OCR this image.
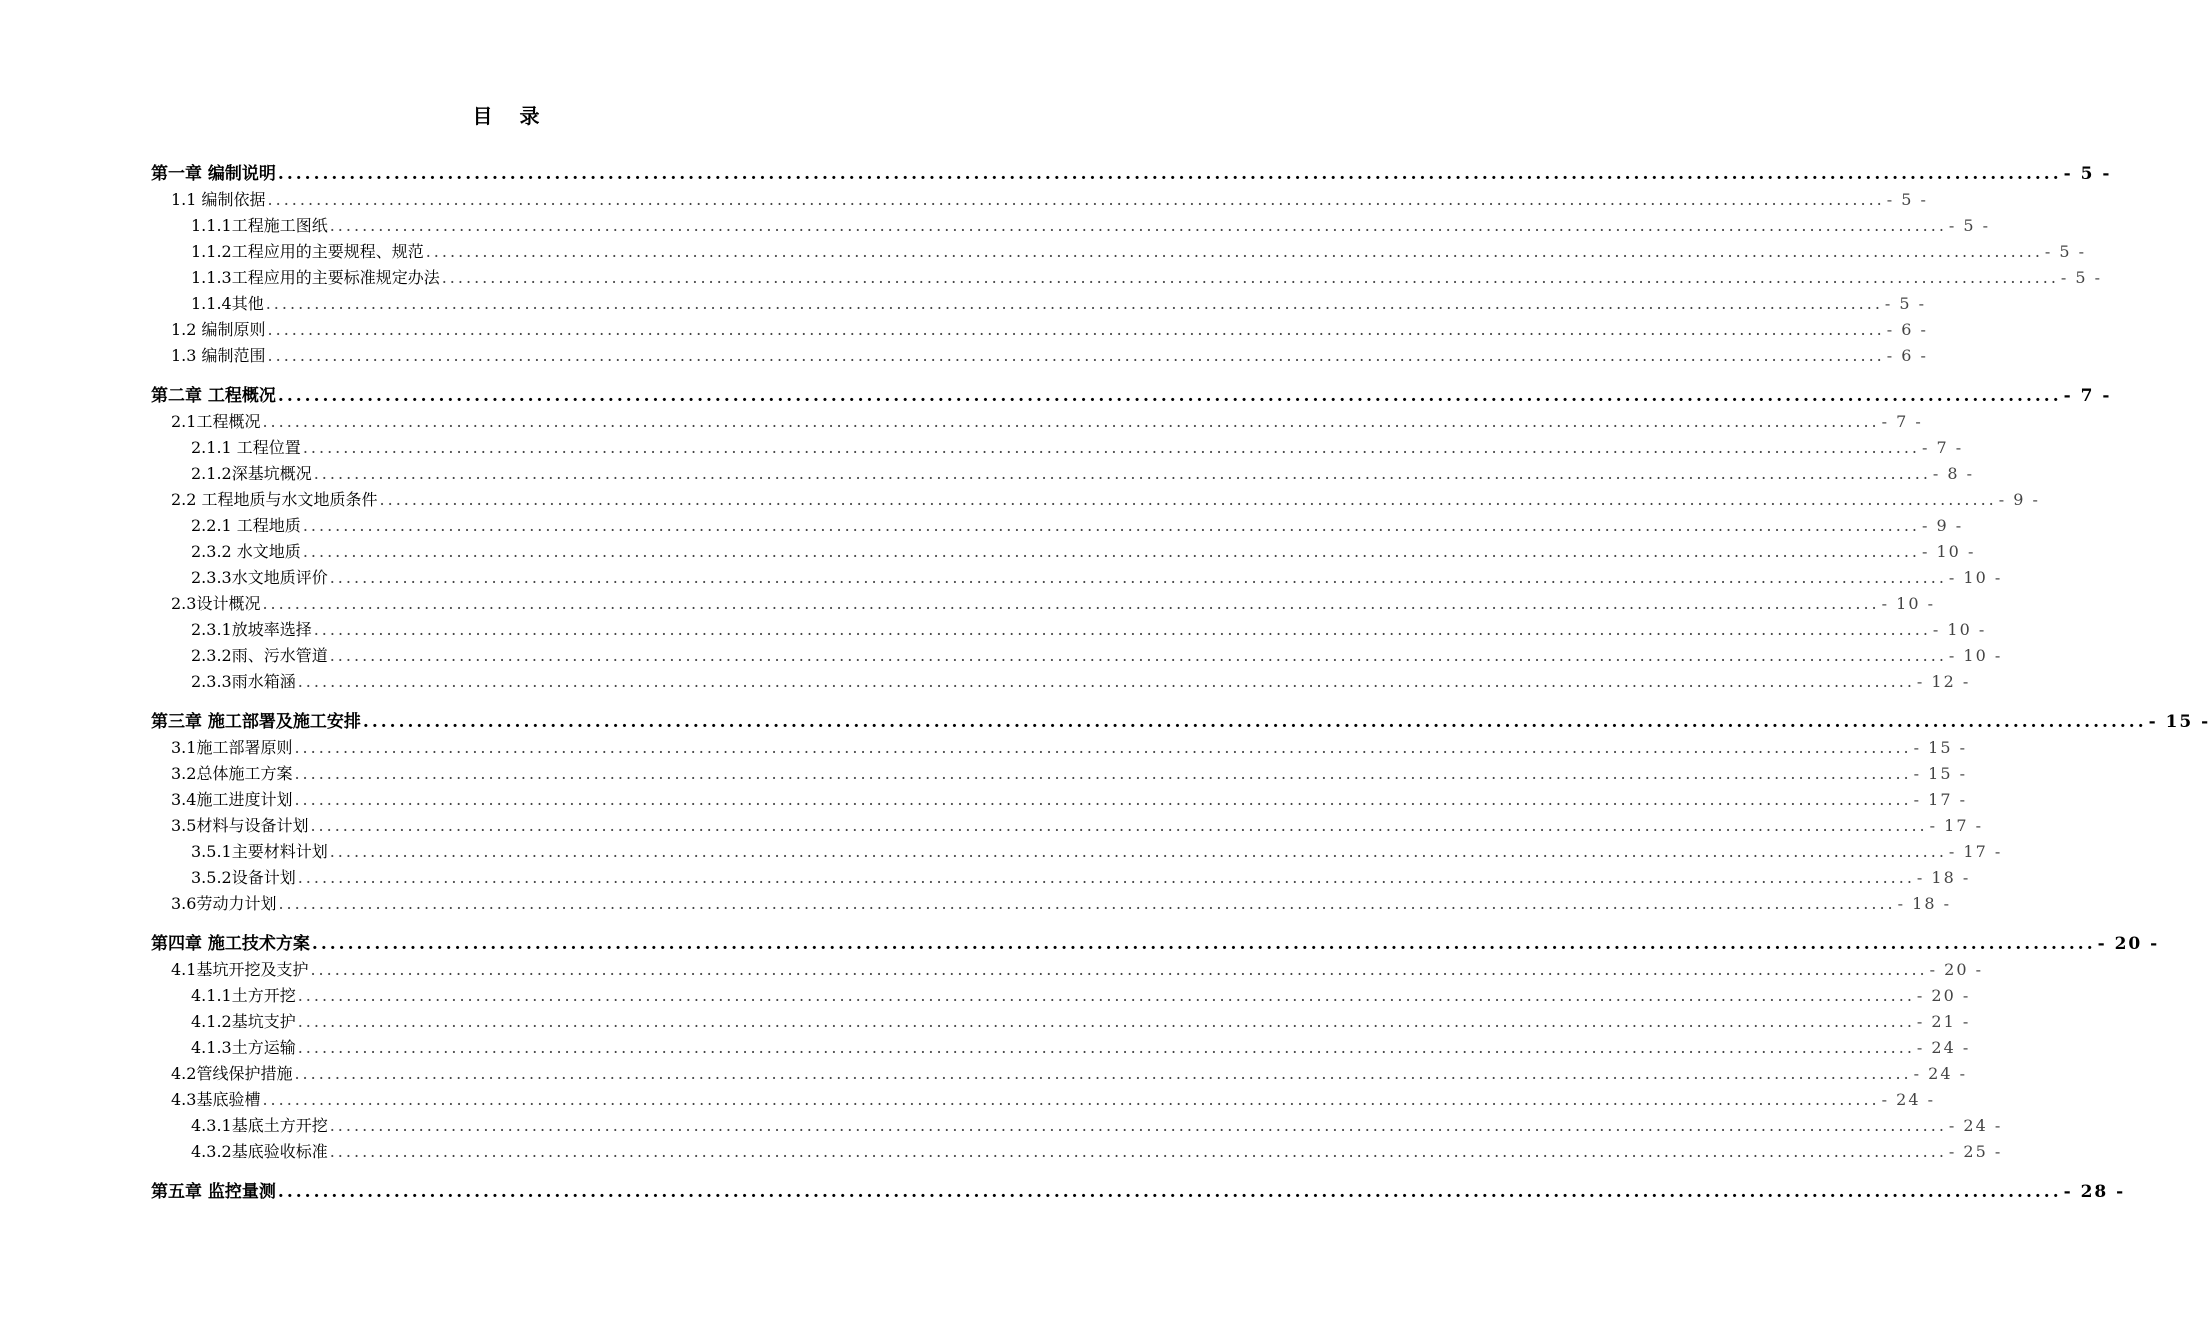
目 录
第一章 编制说明 ........................................................................................................................................................................................................ - 5 -
1.1 编制依据 ........................................................................................................................................................................................................ - 5 -
1.1.1工程施工图纸 ........................................................................................................................................................................................................ - 5 -
1.1.2工程应用的主要规程、规范 ........................................................................................................................................................................................................ - 5 -
1.1.3工程应用的主要标准规定办法 ........................................................................................................................................................................................................ - 5 -
1.1.4其他 ........................................................................................................................................................................................................ - 5 -
1.2 编制原则 ........................................................................................................................................................................................................ - 6 -
1.3 编制范围 ........................................................................................................................................................................................................ - 6 -
第二章 工程概况 ........................................................................................................................................................................................................ - 7 -
2.1工程概况 ........................................................................................................................................................................................................ - 7 -
2.1.1 工程位置 ........................................................................................................................................................................................................ - 7 -
2.1.2深基坑概况 ........................................................................................................................................................................................................ - 8 -
2.2 工程地质与水文地质条件 ........................................................................................................................................................................................................ - 9 -
2.2.1 工程地质 ........................................................................................................................................................................................................ - 9 -
2.3.2 水文地质 ........................................................................................................................................................................................................ - 10 -
2.3.3水文地质评价 ........................................................................................................................................................................................................ - 10 -
2.3设计概况 ........................................................................................................................................................................................................ - 10 -
2.3.1放坡率选择 ........................................................................................................................................................................................................ - 10 -
2.3.2雨、污水管道 ........................................................................................................................................................................................................ - 10 -
2.3.3雨水箱涵 ........................................................................................................................................................................................................ - 12 -
第三章 施工部署及施工安排 ........................................................................................................................................................................................................ - 15 -
3.1施工部署原则 ........................................................................................................................................................................................................ - 15 -
3.2总体施工方案 ........................................................................................................................................................................................................ - 15 -
3.4施工进度计划 ........................................................................................................................................................................................................ - 17 -
3.5材料与设备计划 ........................................................................................................................................................................................................ - 17 -
3.5.1主要材料计划 ........................................................................................................................................................................................................ - 17 -
3.5.2设备计划 ........................................................................................................................................................................................................ - 18 -
3.6劳动力计划 ........................................................................................................................................................................................................ - 18 -
第四章 施工技术方案 ........................................................................................................................................................................................................ - 20 -
4.1基坑开挖及支护 ........................................................................................................................................................................................................ - 20 -
4.1.1土方开挖 ........................................................................................................................................................................................................ - 20 -
4.1.2基坑支护 ........................................................................................................................................................................................................ - 21 -
4.1.3土方运输 ........................................................................................................................................................................................................ - 24 -
4.2管线保护措施 ........................................................................................................................................................................................................ - 24 -
4.3基底验槽 ........................................................................................................................................................................................................ - 24 -
4.3.1基底土方开挖 ........................................................................................................................................................................................................ - 24 -
4.3.2基底验收标准 ........................................................................................................................................................................................................ - 25 -
第五章 监控量测 ........................................................................................................................................................................................................ - 28 -
